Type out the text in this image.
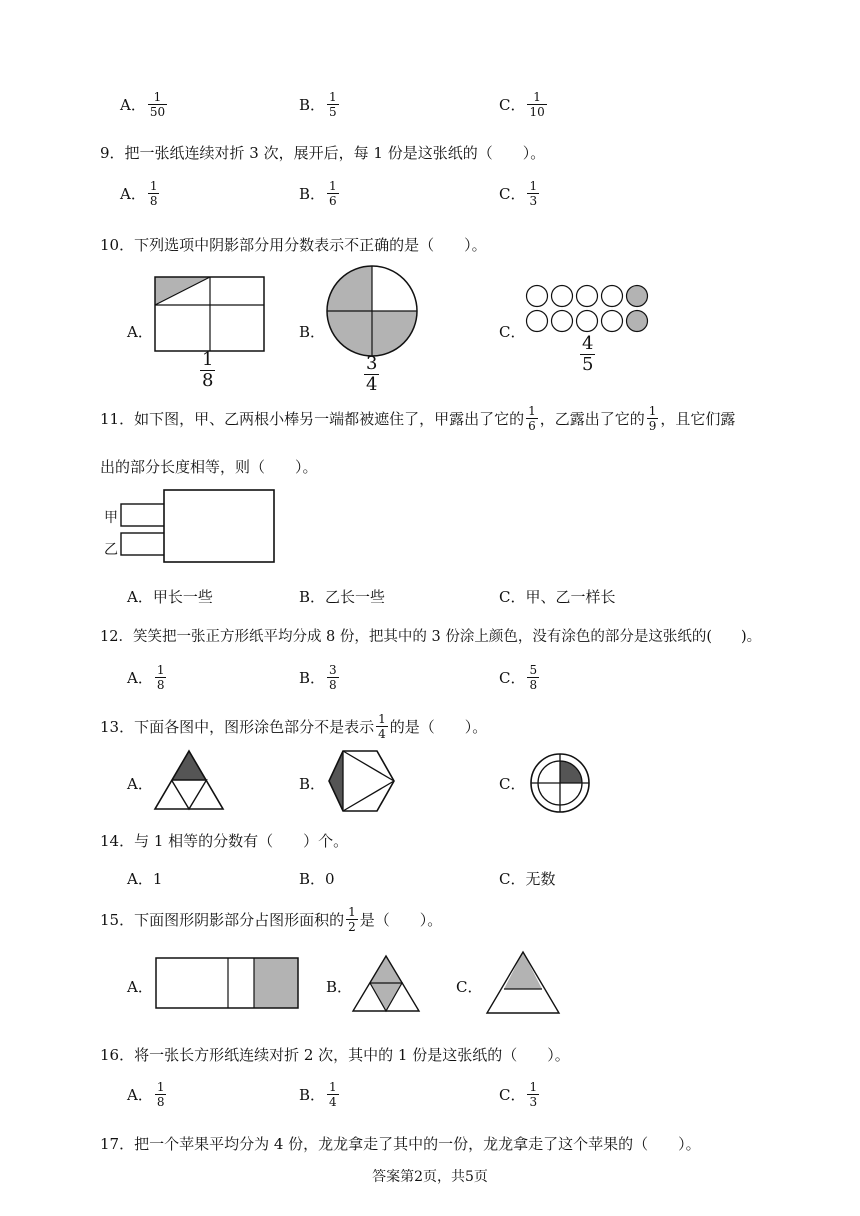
A． $\frac{1}{50}$	B． $\frac{1}{5}$	C． $\frac{1}{10}$
9．把一张纸连续对折 3 次，展开后，每 1 份是这张纸的（　　）。
A． $\frac{1}{8}$	B． $\frac{1}{6}$	C． $\frac{1}{3}$
10．下列选项中阴影部分用分数表示不正确的是（　　）。
A．
$\frac{1}{8}$
B．
$\frac{3}{4}$
C．
$\frac{4}{5}$
11．如下图，甲、乙两根小棒另一端都被遮住了，甲露出了它的 $\frac{1}{6}$ ，乙露出了它的 $\frac{1}{9}$ ，且它们露
出的部分长度相等，则（　　）。
甲
乙
A．甲长一些	B．乙长一些	C．甲、乙一样长
12．笑笑把一张正方形纸平均分成 8 份，把其中的 3 份涂上颜色，没有涂色的部分是这张纸的(　　)。
A． $\frac{1}{8}$	B． $\frac{3}{8}$	C． $\frac{5}{8}$
13．下面各图中，图形涂色部分不是表示 $\frac{1}{4}$ 的是（　　）。
A．	B．	C．
14．与 1 相等的分数有（　　）个。
A．1	B．0	C．无数
15．下面图形阴影部分占图形面积的 $\frac{1}{2}$ 是（　　）。
A．	B．	C．
16．将一张长方形纸连续对折 2 次，其中的 1 份是这张纸的（　　）。
A． $\frac{1}{8}$	B． $\frac{1}{4}$	C． $\frac{1}{3}$
17．把一个苹果平均分为 4 份，龙龙拿走了其中的一份，龙龙拿走了这个苹果的（　　）。
答案第2页，共5页
